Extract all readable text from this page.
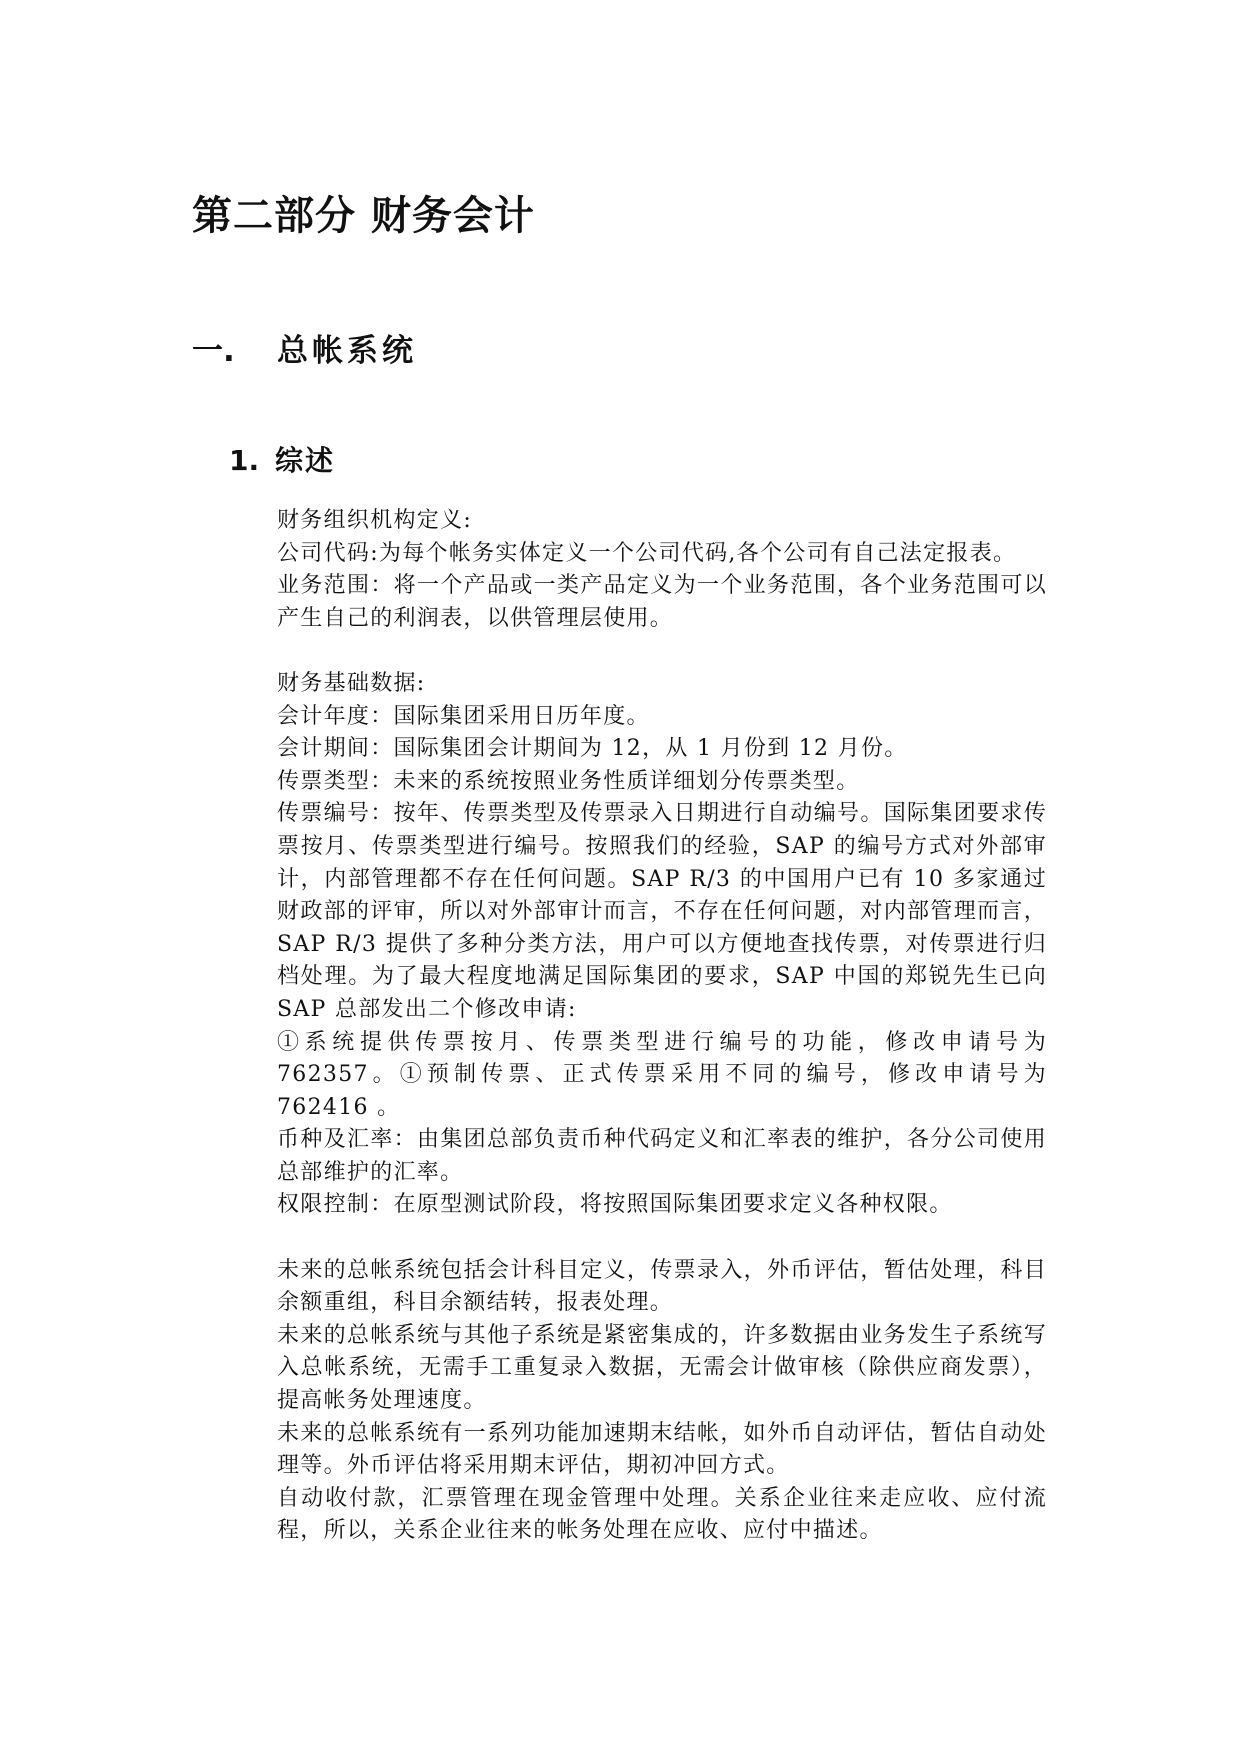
第二部分 财务会计
一. 总帐系统
1. 综述

财务组织机构定义:

公司代码:为每个帐务实体定义一个公司代码,各个公司有自己法定报表。

业务范围：将一个产品或一类产品定义为一个业务范围，各个业务范围可以产生自己的利润表，以供管理层使用。

财务基础数据:

会计年度：国际集团采用日历年度。

会计期间：国际集团会计期间为 12，从 1 月份到 12 月份。

传票类型：未来的系统按照业务性质详细划分传票类型。

传票编号：按年、传票类型及传票录入日期进行自动编号。国际集团要求传票按月、传票类型进行编号。按照我们的经验，SAP 的编号方式对外部审计，内部管理都不存在任何问题。SAP R/3 的中国用户已有 10 多家通过财政部的评审，所以对外部审计而言，不存在任何问题，对内部管理而言，SAP R/3 提供了多种分类方法，用户可以方便地查找传票，对传票进行归档处理。为了最大程度地满足国际集团的要求，SAP 中国的郑锐先生已向 SAP 总部发出二个修改申请:

①系统提供传票按月、传票类型进行编号的功能，修改申请号为 762357。①预制传票、正式传票采用不同的编号，修改申请号为 762416 。

币种及汇率：由集团总部负责币种代码定义和汇率表的维护，各分公司使用总部维护的汇率。

权限控制：在原型测试阶段，将按照国际集团要求定义各种权限。

未来的总帐系统包括会计科目定义，传票录入，外币评估，暂估处理，科目余额重组，科目余额结转，报表处理。

未来的总帐系统与其他子系统是紧密集成的，许多数据由业务发生子系统写入总帐系统，无需手工重复录入数据，无需会计做审核（除供应商发票），提高帐务处理速度。

未来的总帐系统有一系列功能加速期末结帐，如外币自动评估，暂估自动处理等。外币评估将采用期末评估，期初冲回方式。

自动收付款，汇票管理在现金管理中处理。关系企业往来走应收、应付流程，所以，关系企业往来的帐务处理在应收、应付中描述。
